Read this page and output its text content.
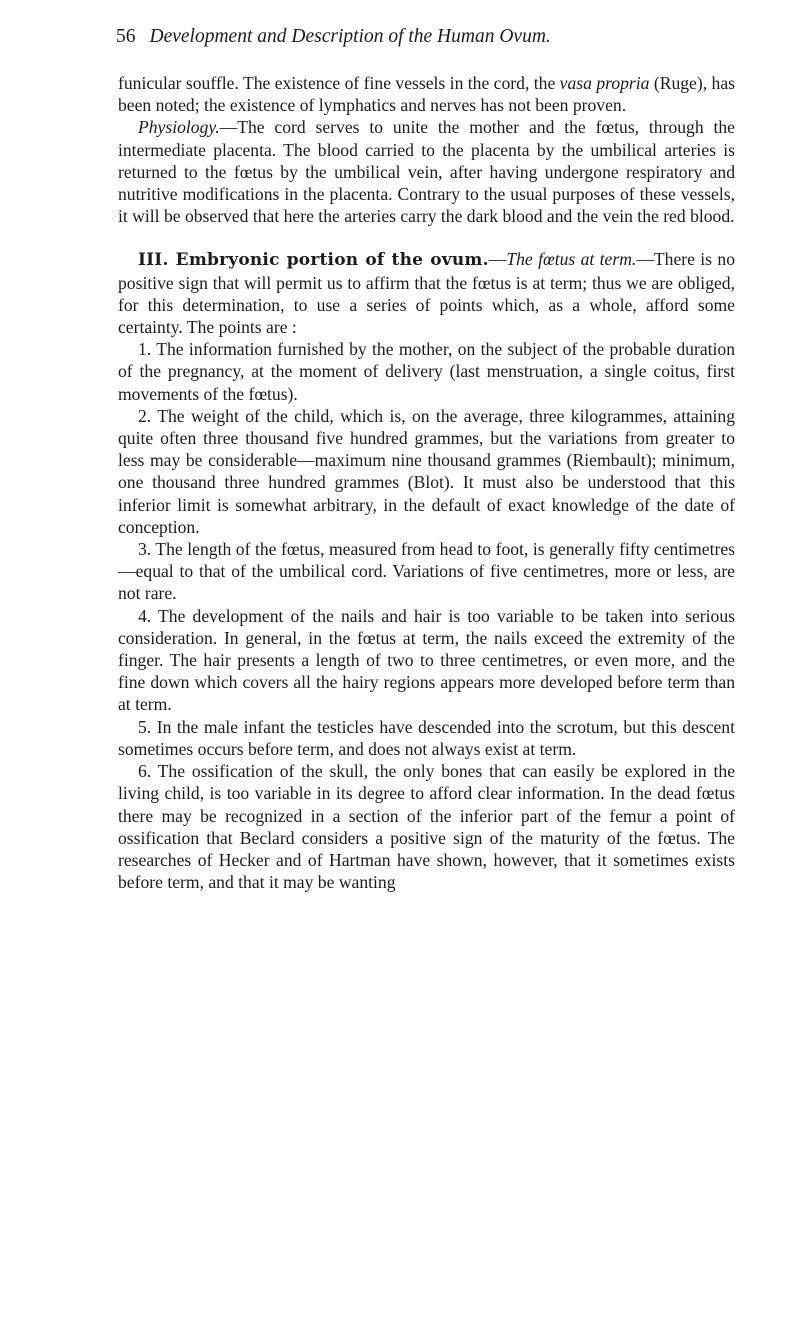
56 Development and Description of the Human Ovum.

funicular souffle. The existence of fine vessels in the cord, the vasa propria (Ruge), has been noted; the existence of lymphatics and nerves has not been proven.

Physiology.—The cord serves to unite the mother and the fœtus, through the intermediate placenta. The blood carried to the placenta by the umbilical arteries is returned to the fœtus by the umbilical vein, after having undergone respiratory and nutritive modifications in the placenta. Contrary to the usual purposes of these vessels, it will be observed that here the arteries carry the dark blood and the vein the red blood.

III. Embryonic portion of the ovum.—The fœtus at term.—There is no positive sign that will permit us to affirm that the fœtus is at term; thus we are obliged, for this determination, to use a series of points which, as a whole, afford some certainty. The points are :

1. The information furnished by the mother, on the subject of the probable duration of the pregnancy, at the moment of delivery (last menstruation, a single coitus, first movements of the fœtus).

2. The weight of the child, which is, on the average, three kilogrammes, attaining quite often three thousand five hundred grammes, but the variations from greater to less may be considerable—maximum nine thousand grammes (Riembault); minimum, one thousand three hundred grammes (Blot). It must also be understood that this inferior limit is somewhat arbitrary, in the default of exact knowledge of the date of conception.

3. The length of the fœtus, measured from head to foot, is generally fifty centimetres—equal to that of the umbilical cord. Variations of five centimetres, more or less, are not rare.

4. The development of the nails and hair is too variable to be taken into serious consideration. In general, in the fœtus at term, the nails exceed the extremity of the finger. The hair presents a length of two to three centimetres, or even more, and the fine down which covers all the hairy regions appears more developed before term than at term.

5. In the male infant the testicles have descended into the scrotum, but this descent sometimes occurs before term, and does not always exist at term.

6. The ossification of the skull, the only bones that can easily be explored in the living child, is too variable in its degree to afford clear information. In the dead fœtus there may be recognized in a section of the inferior part of the femur a point of ossification that Beclard considers a positive sign of the maturity of the fœtus. The researches of Hecker and of Hartman have shown, however, that it sometimes exists before term, and that it may be wanting
